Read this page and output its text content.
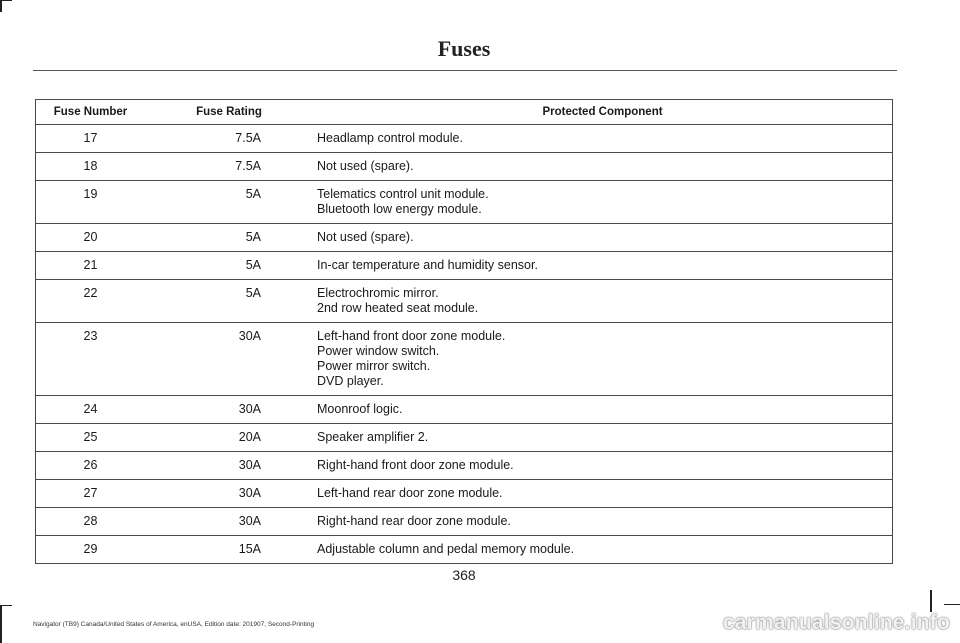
Fuses
Fuse Number	Fuse Rating	Protected Component
17	7.5A	Headlamp control module.

18	7.5A	Not used (spare).

19	5A	Telematics control unit module.
Bluetooth low energy module.

20	5A	Not used (spare).

21	5A	In-car temperature and humidity sensor.

22	5A	Electrochromic mirror.
2nd row heated seat module.

23	30A	Left-hand front door zone module.
Power window switch.
Power mirror switch.
DVD player.

24	30A	Moonroof logic.

25	20A	Speaker amplifier 2.

26	30A	Right-hand front door zone module.

27	30A	Left-hand rear door zone module.

28	30A	Right-hand rear door zone module.

29	15A	Adjustable column and pedal memory module.
368
Navigator (TB9) Canada/United States of America, enUSA, Edition date: 201907, Second-Printing	carmanualsonline.info
